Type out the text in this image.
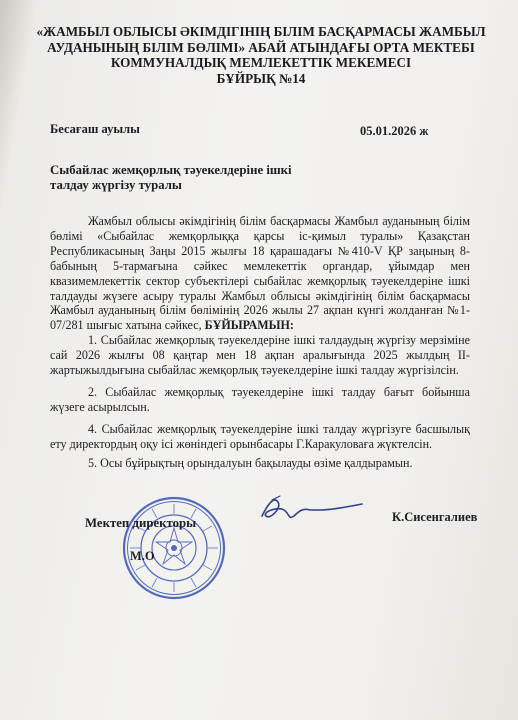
«ЖАМБЫЛ ОБЛЫСЫ ӘКІМДІГІНІҢ БІЛІМ БАСҚАРМАСЫ ЖАМБЫЛ
АУДАНЫНЫҢ БІЛІМ БӨЛІМІ» АБАЙ АТЫНДАҒЫ ОРТА МЕКТЕБІ
КОММУНАЛДЫҚ МЕМЛЕКЕТТІК МЕКЕМЕСІ
БҰЙРЫҚ №14
Бесағаш ауылы	05.01.2026 ж
Сыбайлас жемқорлық тәуекелдеріне ішкі
талдау жүргізу туралы

Жамбыл облысы әкімдігінің білім басқармасы Жамбыл ауданының білім бөлімі «Сыбайлас жемқорлыққа қарсы іс-қимыл туралы» Қазақстан Республикасының Заңы 2015 жылғы 18 қарашадағы №410-V ҚР заңының 8-бабының 5-тармағына сәйкес мемлекеттік органдар, ұйымдар мен квазимемлекеттік сектор субъектілері сыбайлас жемқорлық тәуекелдеріне ішкі талдауды жүзеге асыру туралы Жамбыл облысы әкімдігінің білім басқармасы Жамбыл ауданының білім бөлімінің 2026 жылы 27 ақпан күнгі жолданған №1-07/281 шығыс хатына сәйкес, БҰЙЫРАМЫН:

1. Сыбайлас жемқорлық тәуекелдеріне ішкі талдаудың жүргізу мерзіміне сай 2026 жылғы 08 қаңтар мен 18 ақпан аралығында 2025 жылдың ІІ-жартыжылдығына сыбайлас жемқорлық тәуекелдеріне ішкі талдау жүргізілсін.

2. Сыбайлас жемқорлық тәуекелдеріне ішкі талдау бағыт бойынша жүзеге асырылсын.

4. Сыбайлас жемқорлық тәуекелдеріне ішкі талдау жүргізуге басшылық ету директордың оқу ісі жөніндегі орынбасары Г.Каракуловаға жүктелсін.

5. Осы бұйрықтың орындалуын бақылауды өзіме қалдырамын.

Мектеп директоры
М.О
К.Сисенгалиев
